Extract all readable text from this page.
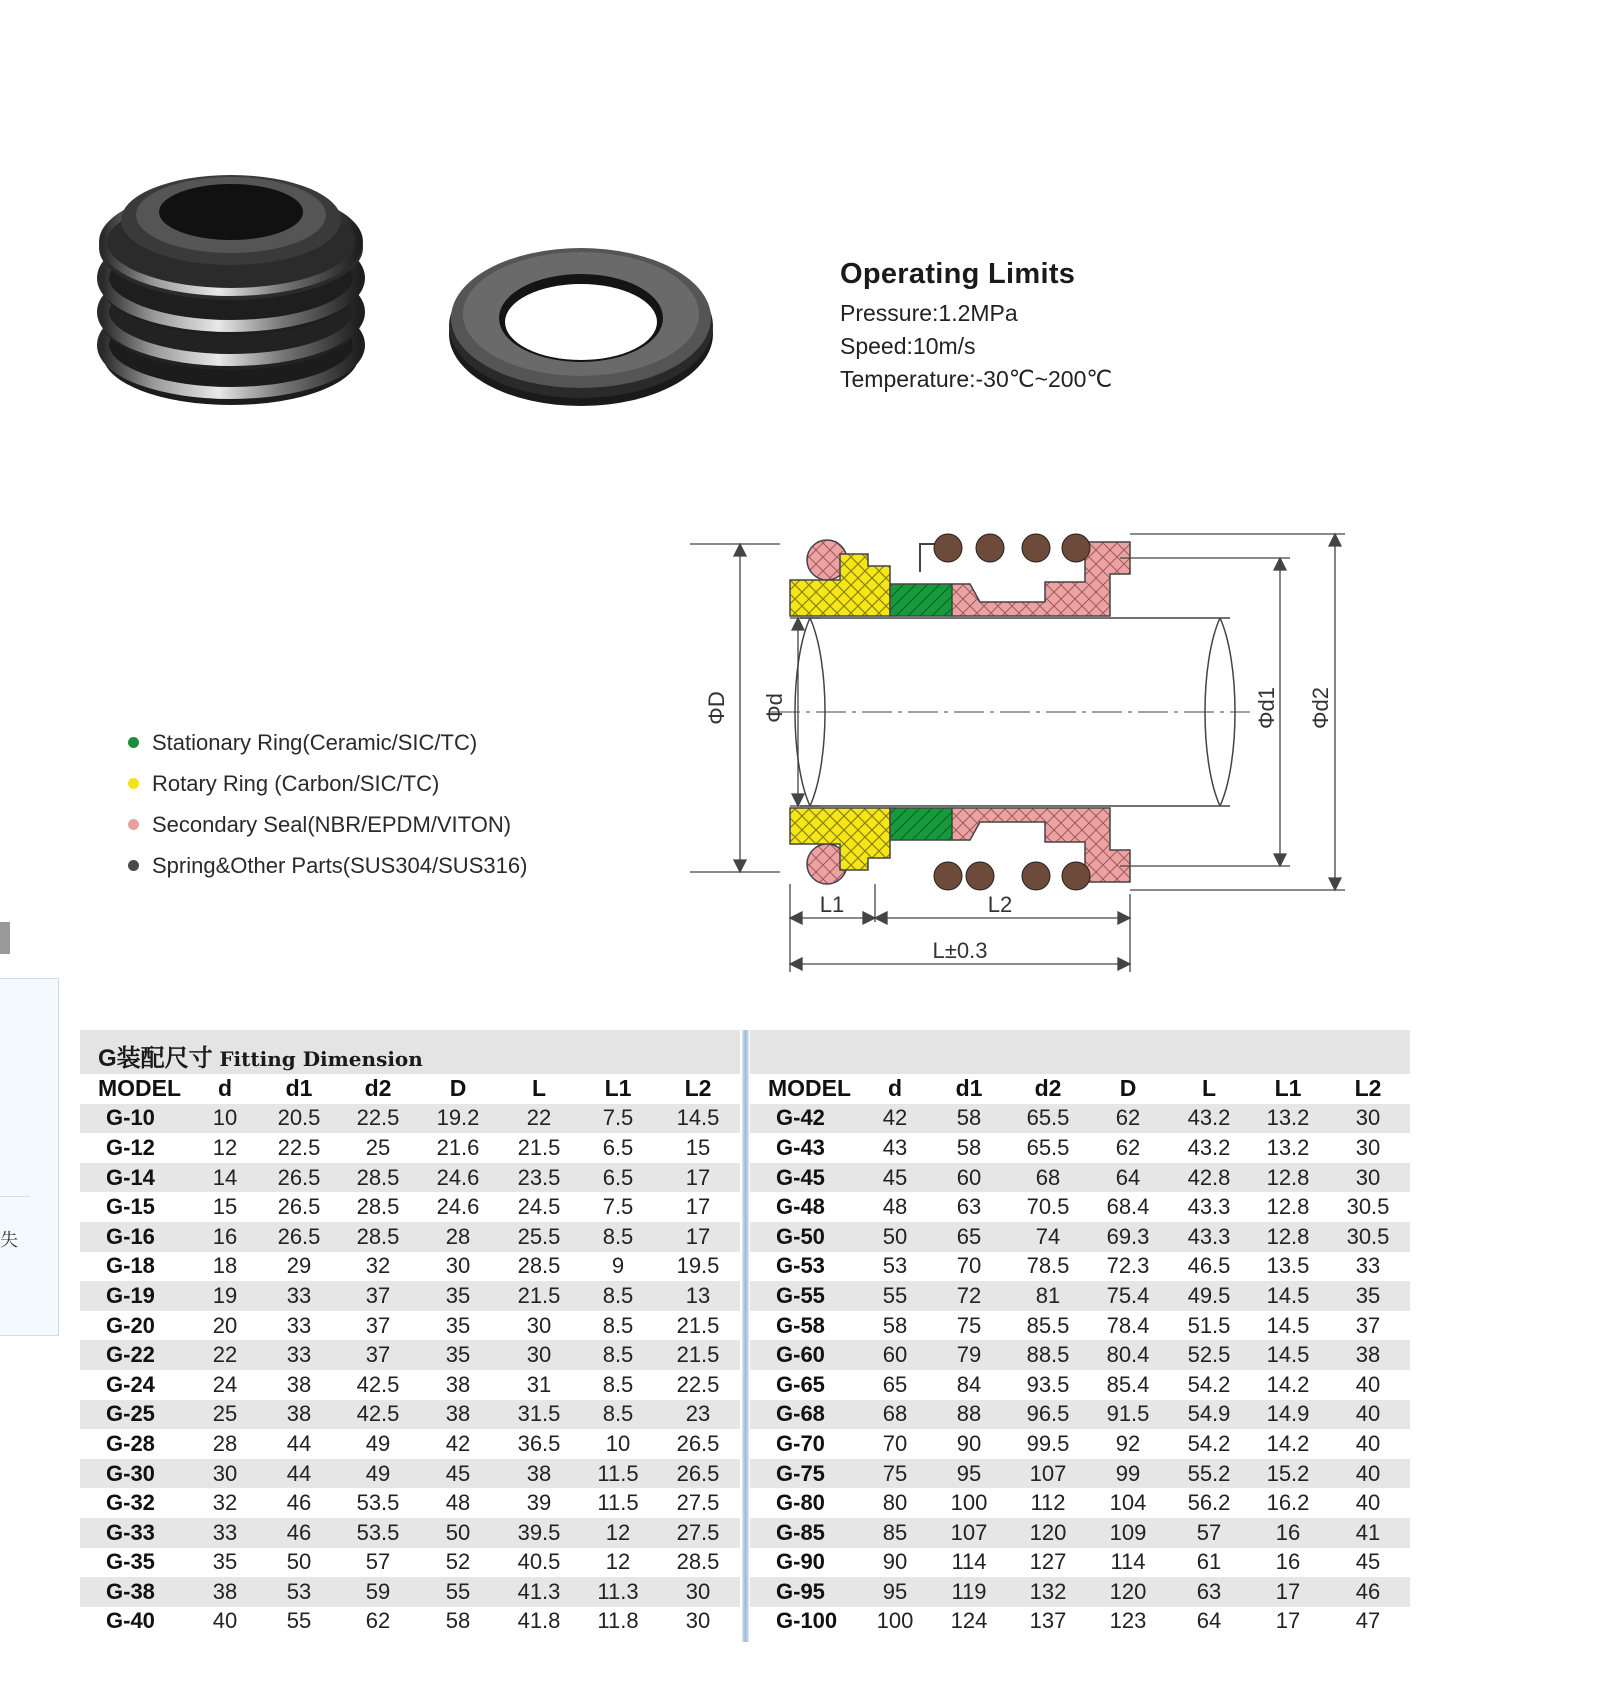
失
Operating Limits
Pressure:1.2MPa
Speed:10m/s
Temperature:-30℃~200℃
Stationary Ring(Ceramic/SIC/TC)
Rotary Ring (Carbon/SIC/TC)
Secondary Seal(NBR/EPDM/VITON)
Spring&Other Parts(SUS304/SUS316)
ΦD Φd	Φd1 Φd2
L1	L2
L±0.3
G装配尺寸 Fitting Dimension
MODEL	d	d1	d2	D	L	L1	L2
G-10	10	20.5	22.5	19.2	22	7.5	14.5
G-12	12	22.5	25	21.6	21.5	6.5	15
G-14	14	26.5	28.5	24.6	23.5	6.5	17
G-15	15	26.5	28.5	24.6	24.5	7.5	17
G-16	16	26.5	28.5	28	25.5	8.5	17
G-18	18	29	32	30	28.5	9	19.5
G-19	19	33	37	35	21.5	8.5	13
G-20	20	33	37	35	30	8.5	21.5
G-22	22	33	37	35	30	8.5	21.5
G-24	24	38	42.5	38	31	8.5	22.5
G-25	25	38	42.5	38	31.5	8.5	23
G-28	28	44	49	42	36.5	10	26.5
G-30	30	44	49	45	38	11.5	26.5
G-32	32	46	53.5	48	39	11.5	27.5
G-33	33	46	53.5	50	39.5	12	27.5
G-35	35	50	57	52	40.5	12	28.5
G-38	38	53	59	55	41.3	11.3	30
G-40	40	55	62	58	41.8	11.8	30
MODEL	d	d1	d2	D	L	L1	L2
G-42	42	58	65.5	62	43.2	13.2	30
G-43	43	58	65.5	62	43.2	13.2	30
G-45	45	60	68	64	42.8	12.8	30
G-48	48	63	70.5	68.4	43.3	12.8	30.5
G-50	50	65	74	69.3	43.3	12.8	30.5
G-53	53	70	78.5	72.3	46.5	13.5	33
G-55	55	72	81	75.4	49.5	14.5	35
G-58	58	75	85.5	78.4	51.5	14.5	37
G-60	60	79	88.5	80.4	52.5	14.5	38
G-65	65	84	93.5	85.4	54.2	14.2	40
G-68	68	88	96.5	91.5	54.9	14.9	40
G-70	70	90	99.5	92	54.2	14.2	40
G-75	75	95	107	99	55.2	15.2	40
G-80	80	100	112	104	56.2	16.2	40
G-85	85	107	120	109	57	16	41
G-90	90	114	127	114	61	16	45
G-95	95	119	132	120	63	17	46
G-100	100	124	137	123	64	17	47
